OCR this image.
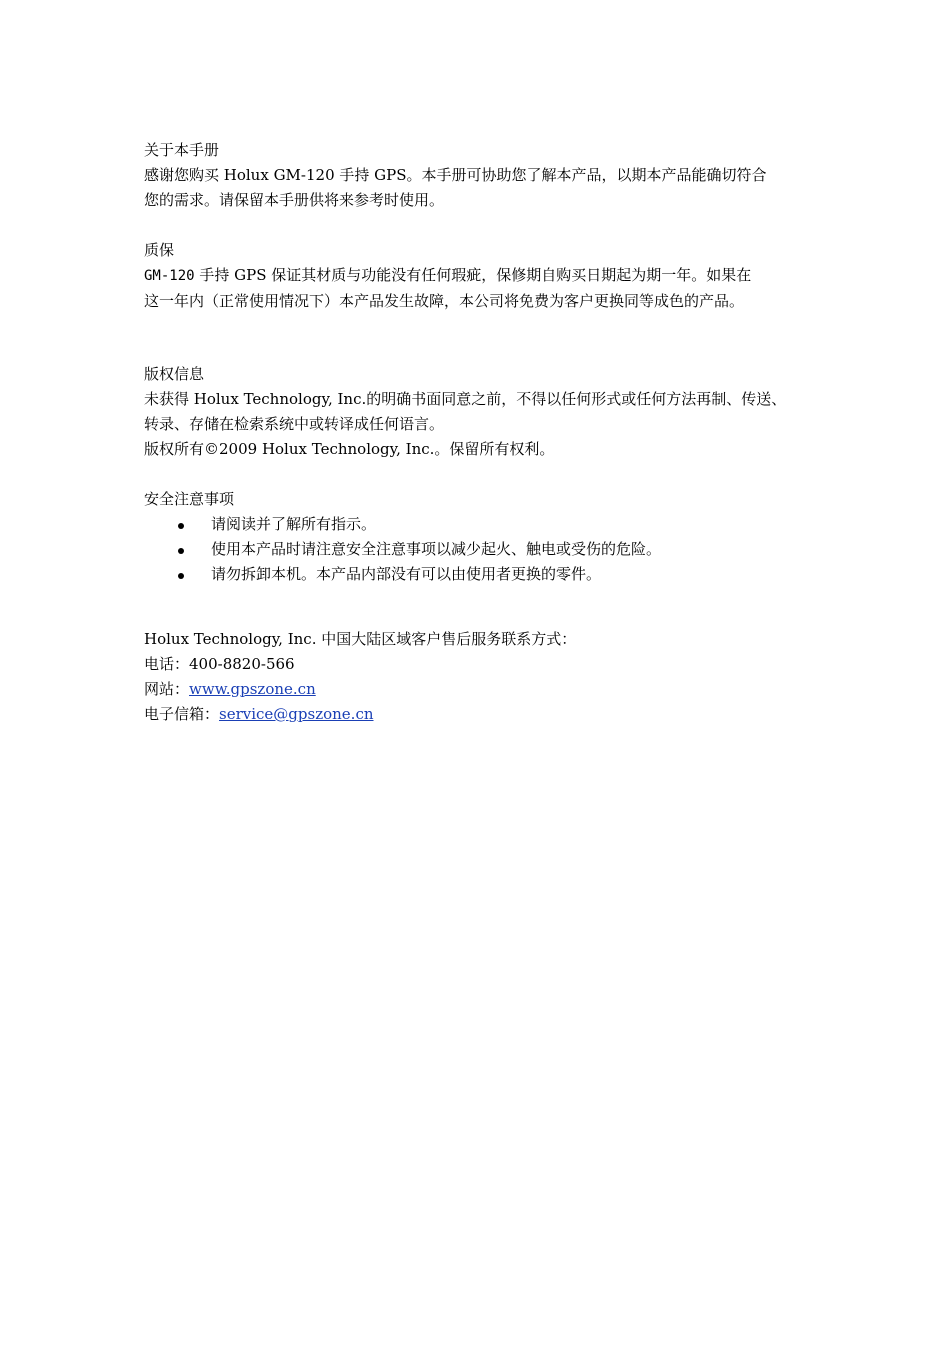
关于本手册
感谢您购买 Holux GM-120 手持 GPS。本手册可协助您了解本产品，以期本产品能确切符合
您的需求。请保留本手册供将来参考时使用。
质保
GM-120 手持 GPS 保证其材质与功能没有任何瑕疵，保修期自购买日期起为期一年。如果在
这一年内（正常使用情况下）本产品发生故障，本公司将免费为客户更换同等成色的产品。
版权信息
未获得 Holux Technology, Inc.的明确书面同意之前，不得以任何形式或任何方法再制、传送、
转录、存储在检索系统中或转译成任何语言。
版权所有©2009 Holux Technology, Inc.。保留所有权利。
安全注意事项
请阅读并了解所有指示。
使用本产品时请注意安全注意事项以减少起火、触电或受伤的危险。
请勿拆卸本机。本产品内部没有可以由使用者更换的零件。
Holux Technology, Inc. 中国大陆区域客户售后服务联系方式：
电话：400-8820-566
网站：www.gpszone.cn
电子信箱：service@gpszone.cn
